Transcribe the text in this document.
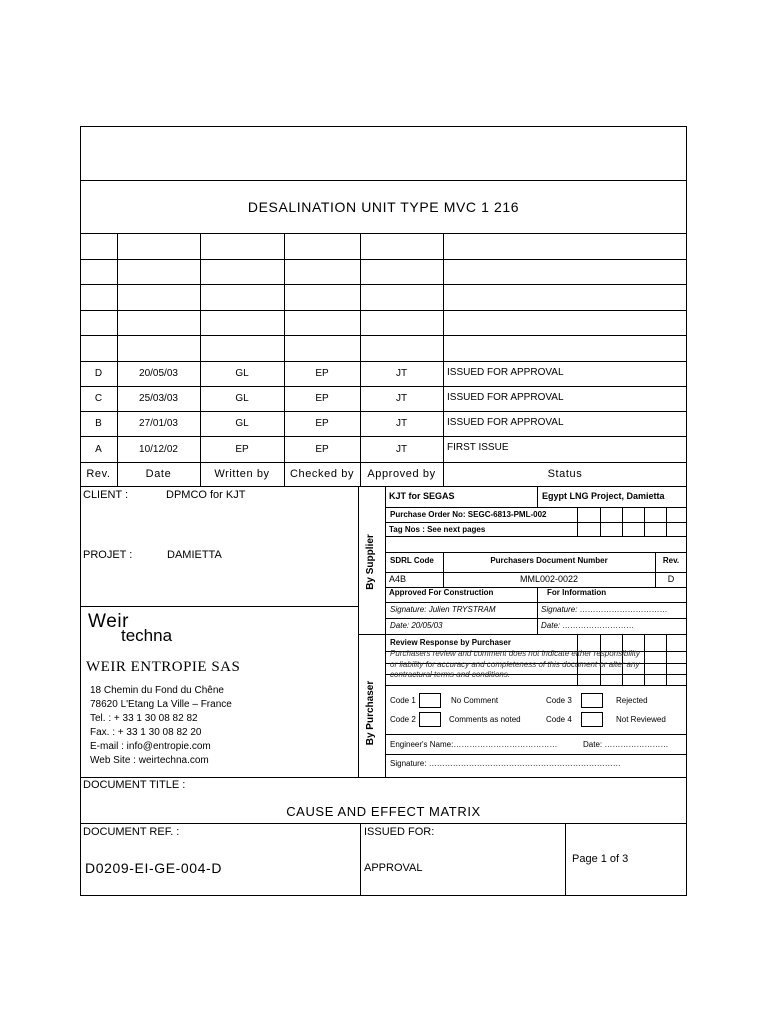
DESALINATION UNIT TYPE MVC 1 216
D	20/05/03	GL	EP	JT	ISSUED FOR APPROVAL
C	25/03/03	GL	EP	JT	ISSUED FOR APPROVAL
B	27/01/03	GL	EP	JT	ISSUED FOR APPROVAL
A	10/12/02	EP	EP	JT	FIRST ISSUE
Rev.	Date	Written by	Checked by	Approved by	Status
CLIENT :	DPMCO for KJT
PROJET :	DAMIETTA
Weir
techna
WEIR ENTROPIE SAS
18 Chemin du Fond du Chêne
78620 L'Etang La Ville – France
Tel. : + 33 1 30 08 82 82
Fax. : + 33 1 30 08 82 20
E-mail : info@entropie.com
Web Site : weirtechna.com
By Supplier
By Purchaser
KJT for SEGAS	Egypt LNG Project, Damietta
Purchase Order No: SEGC-6813-PML-002
Tag Nos : See next pages
SDRL Code	Purchasers Document Number	Rev.
A4B	MML002-0022	D
Approved For Construction	For Information
Signature: Julien TRYSTRAM	Signature: ……………………………
Date: 20/05/03	Date: ………………………
Review Response by Purchaser
Purchasers review and comment does not indicate either responsibility
or liability for accuracy and completeness of this document or alter any
contractural terms and conditions.
Code 1	No Comment	Code 3	Rejected
Code 2	Comments as noted	Code 4	Not Reviewed
Engineer's Name:…………………………………	Date: ……………………
Signature: ………………………………………………………………
DOCUMENT TITLE :
CAUSE AND EFFECT MATRIX
DOCUMENT REF. :
D0209-EI-GE-004-D
ISSUED FOR:
APPROVAL
Page 1 of 3
